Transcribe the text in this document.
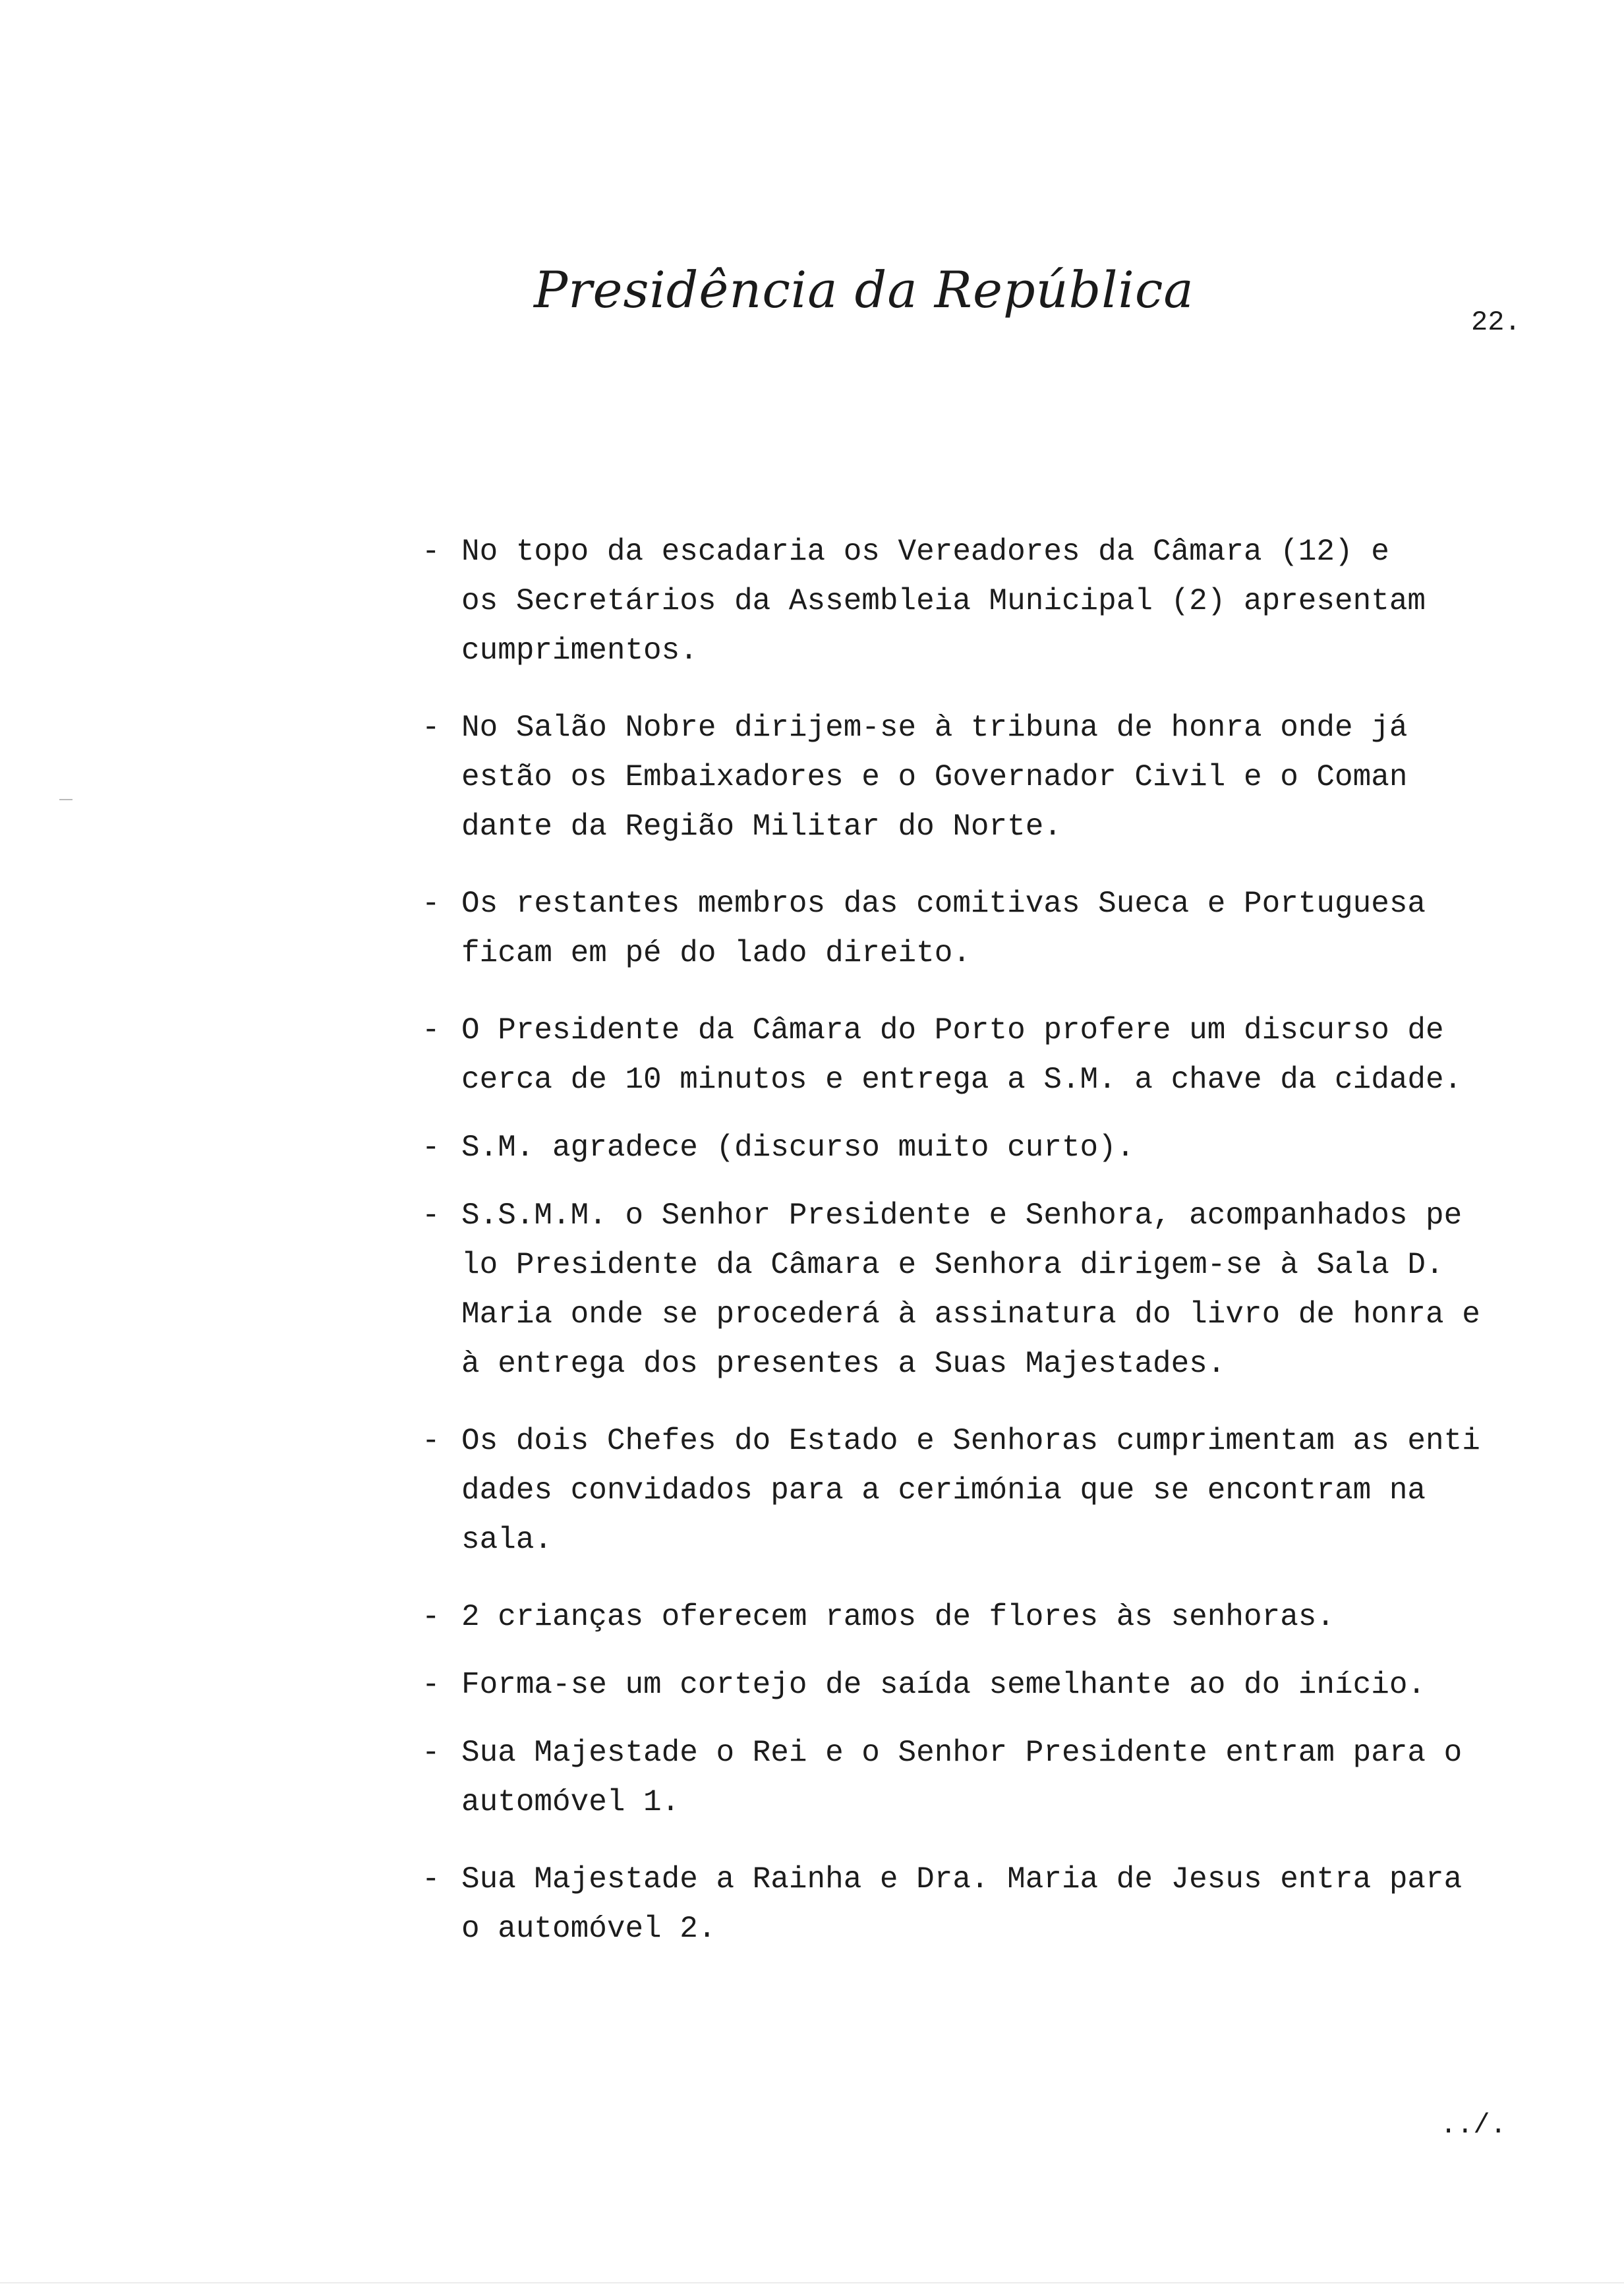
Presidência da República
22.
- No topo da escadaria os Vereadores da Câmara (12) e
os Secretários da Assembleia Municipal (2) apresentam
cumprimentos.
- No Salão Nobre dirijem-se à tribuna de honra onde já
estão os Embaixadores e o Governador Civil e o Coman
dante da Região Militar do Norte.
- Os restantes membros das comitivas Sueca e Portuguesa
ficam em pé do lado direito.
- O Presidente da Câmara do Porto profere um discurso de
cerca de 10 minutos e entrega a S.M. a chave da cidade.
- S.M. agradece (discurso muito curto).
- S.S.M.M. o Senhor Presidente e Senhora, acompanhados pe
lo Presidente da Câmara e Senhora dirigem-se à Sala D.
Maria onde se procederá à assinatura do livro de honra e
à entrega dos presentes a Suas Majestades.
- Os dois Chefes do Estado e Senhoras cumprimentam as enti
dades convidados para a cerimónia que se encontram na
sala.
- 2 crianças oferecem ramos de flores às senhoras.
- Forma-se um cortejo de saída semelhante ao do início.
- Sua Majestade o Rei e o Senhor Presidente entram para o
automóvel 1.
- Sua Majestade a Rainha e Dra. Maria de Jesus entra para
o automóvel 2.
../.
